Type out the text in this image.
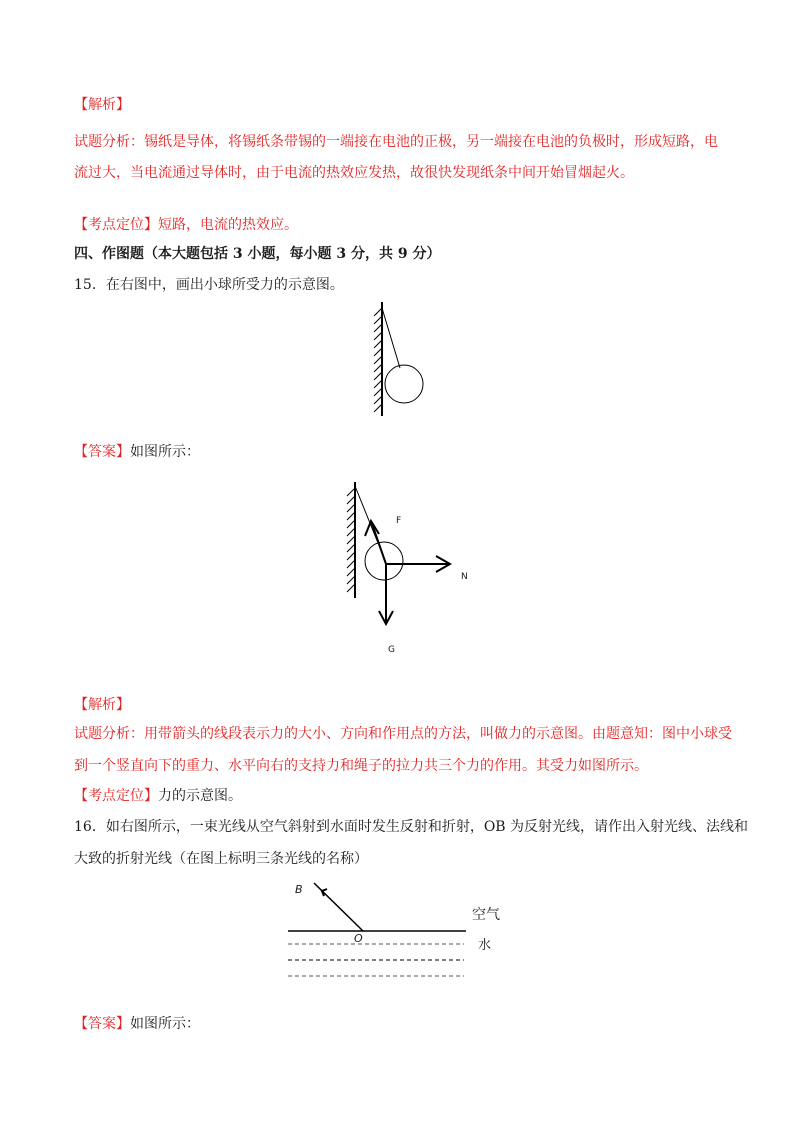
【解析】
试题分析：锡纸是导体，将锡纸条带锡的一端接在电池的正极，另一端接在电池的负极时，形成短路，电
流过大，当电流通过导体时，由于电流的热效应发热，故很快发现纸条中间开始冒烟起火。
【考点定位】短路，电流的热效应。
四、作图题（本大题包括 3 小题，每小题 3 分，共 9 分）
15．在右图中，画出小球所受力的示意图。
【答案】如图所示：
F
N
G
【解析】
试题分析：用带箭头的线段表示力的大小、方向和作用点的方法，叫做力的示意图。由题意知：图中小球受
到一个竖直向下的重力、水平向右的支持力和绳子的拉力共三个力的作用。其受力如图所示。
【考点定位】力的示意图。
16．如右图所示，一束光线从空气斜射到水面时发生反射和折射，OB 为反射光线，请作出入射光线、法线和
大致的折射光线（在图上标明三条光线的名称）
B
O
空气
水
【答案】如图所示：
